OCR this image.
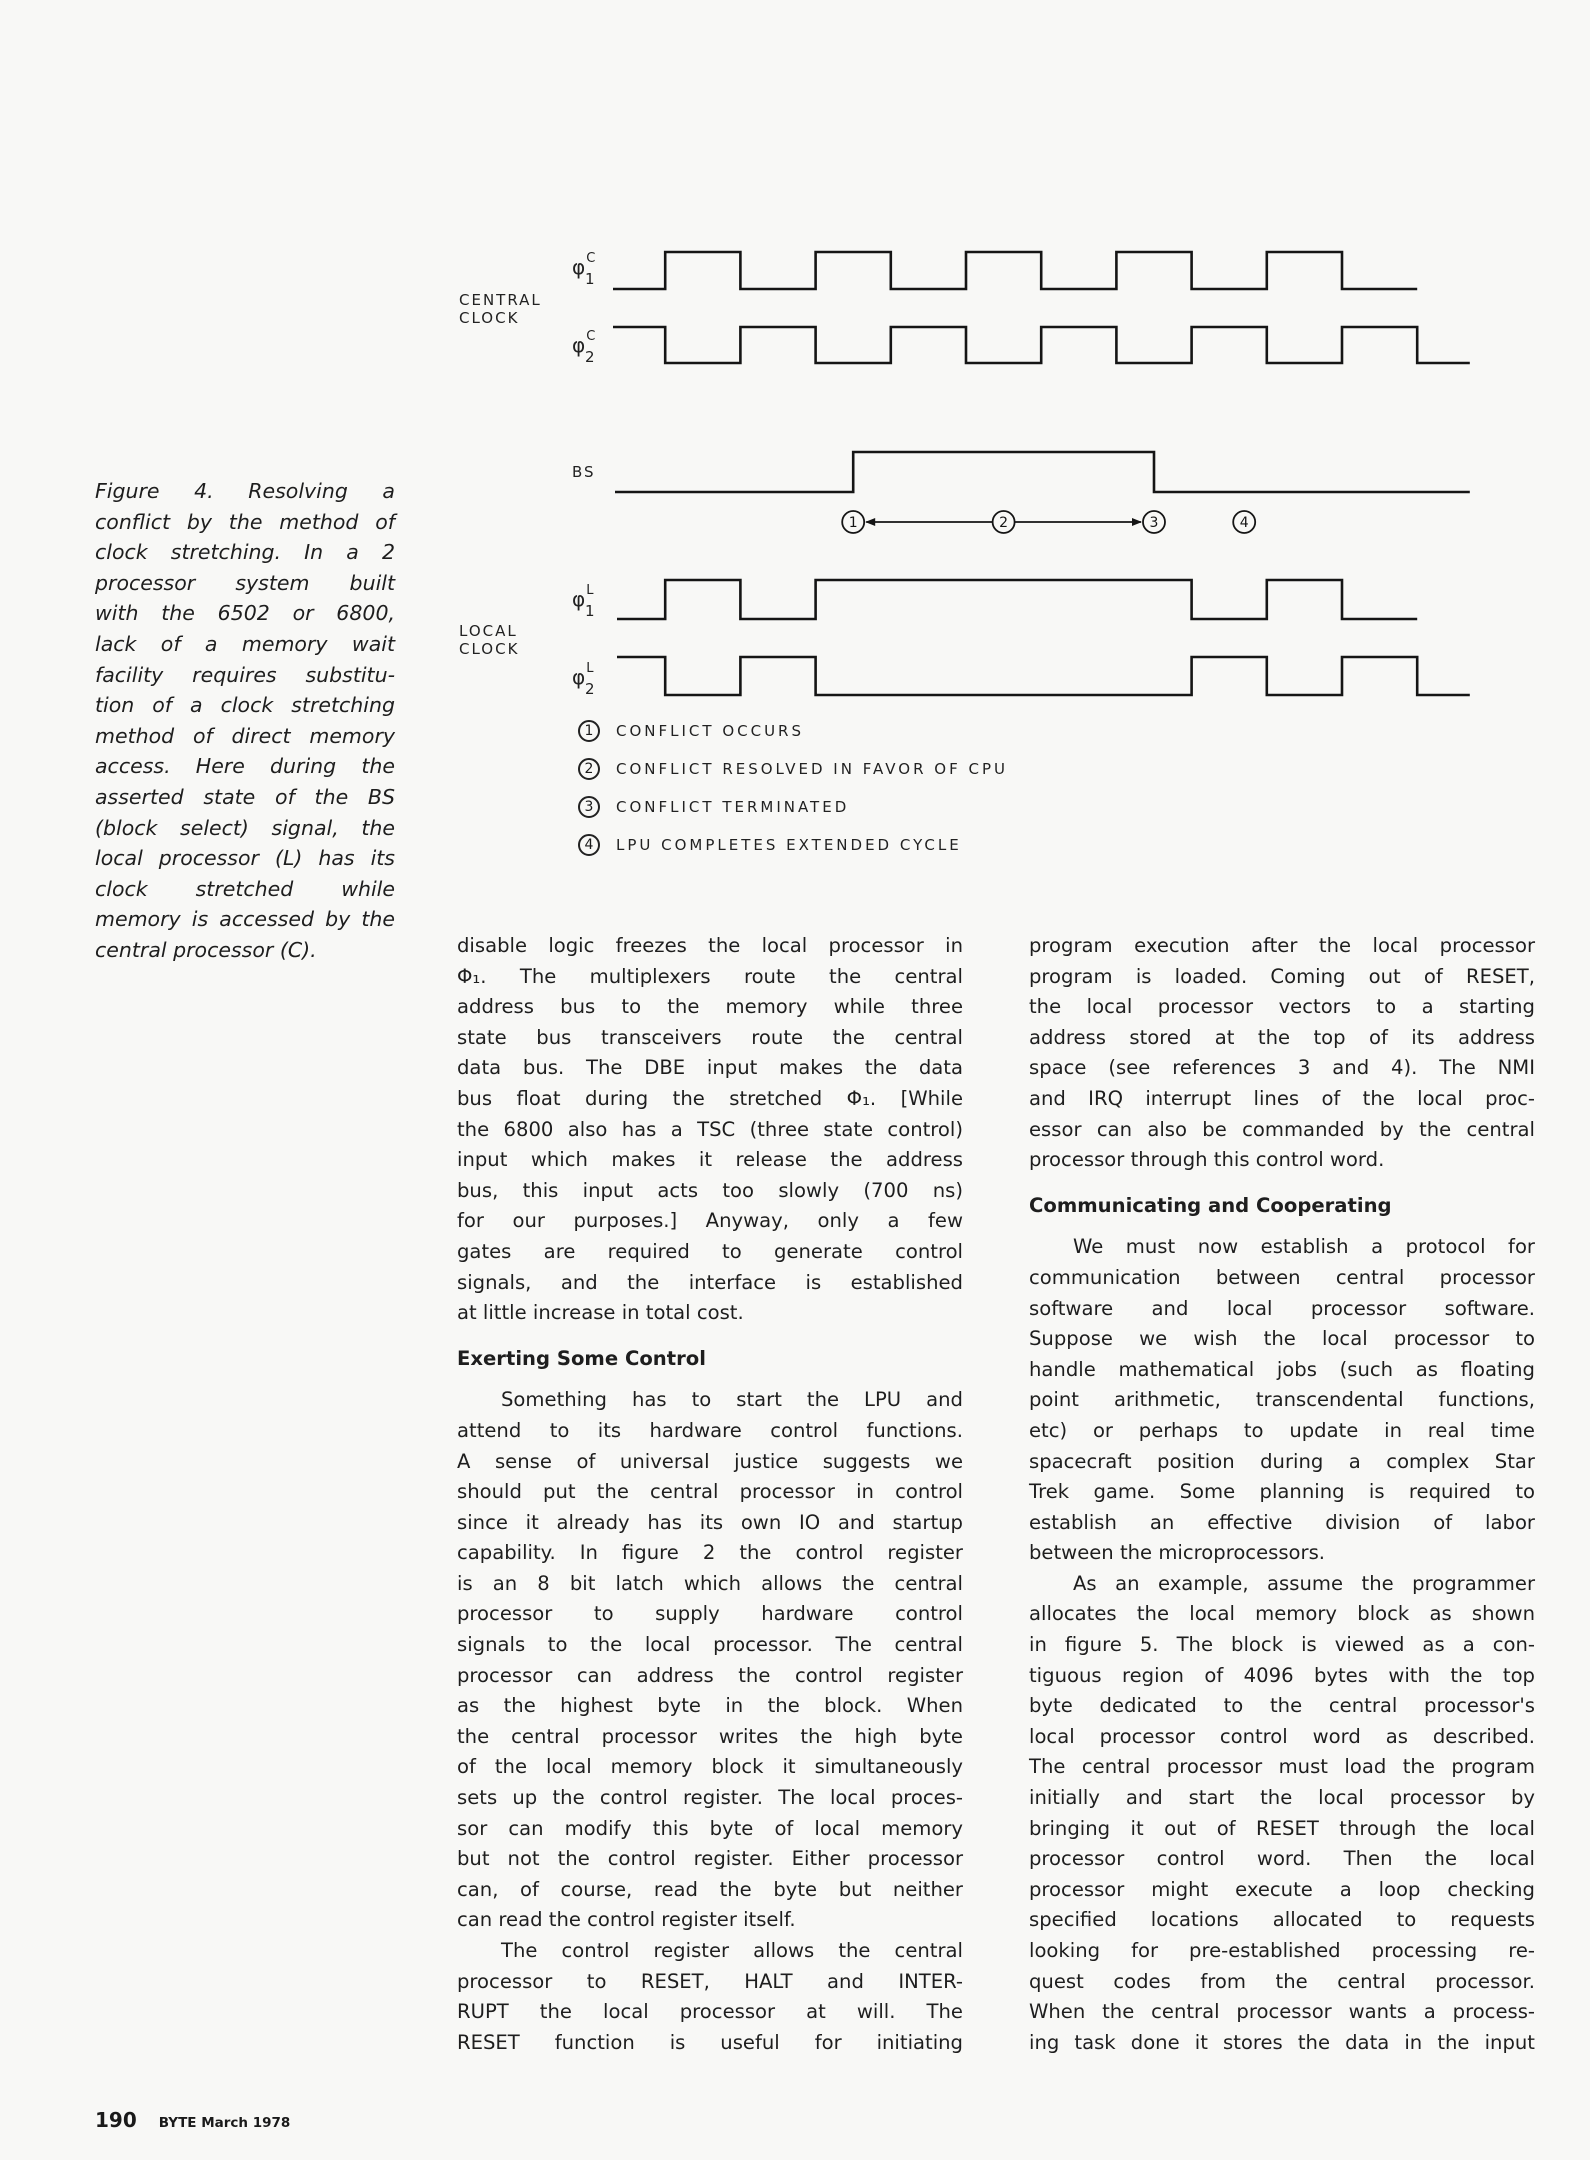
CENTRAL
CLOCK
LOCAL
CLOCK
BS
$\varphi^C$
1
$\varphi^C$
2
$\varphi^L$
1
$\varphi^L$
2
1	2	3	4
1	CONFLICT OCCURS
2	CONFLICT RESOLVED IN FAVOR OF CPU
3	CONFLICT TERMINATED
4	LPU COMPLETES EXTENDED CYCLE
Figure 4. Resolving a
conflict by the method of
clock stretching. In a 2
processor system built
with the 6502 or 6800,
lack of a memory wait
facility requires substitu-
tion of a clock stretching
method of direct memory
access. Here during the
asserted state of the BS
(block select) signal, the
local processor (L) has its
clock stretched while
memory is accessed by the
central processor (C).	disable logic freezes the local processor in
Φ₁. The multiplexers route the central
address bus to the memory while three
state bus transceivers route the central
data bus. The DBE input makes the data
bus float during the stretched Φ₁. [While
the 6800 also has a TSC (three state control)
input which makes it release the address
bus, this input acts too slowly (700 ns)
for our purposes.] Anyway, only a few
gates are required to generate control
signals, and the interface is established
at little increase in total cost.
Exerting Some Control
Something has to start the LPU and
attend to its hardware control functions.
A sense of universal justice suggests we
should put the central processor in control
since it already has its own IO and startup
capability. In figure 2 the control register
is an 8 bit latch which allows the central
processor to supply hardware control
signals to the local processor. The central
processor can address the control register
as the highest byte in the block. When
the central processor writes the high byte
of the local memory block it simultaneously
sets up the control register. The local proces-
sor can modify this byte of local memory
but not the control register. Either processor
can, of course, read the byte but neither
can read the control register itself.
The control register allows the central
processor to RESET, HALT and INTER-
RUPT the local processor at will. The
RESET function is useful for initiating
program execution after the local processor
program is loaded. Coming out of RESET,
the local processor vectors to a starting
address stored at the top of its address
space (see references 3 and 4). The NMI
and IRQ interrupt lines of the local proc-
essor can also be commanded by the central
processor through this control word.
Communicating and Cooperating
We must now establish a protocol for
communication between central processor
software and local processor software.
Suppose we wish the local processor to
handle mathematical jobs (such as floating
point arithmetic, transcendental functions,
etc) or perhaps to update in real time
spacecraft position during a complex Star
Trek game. Some planning is required to
establish an effective division of labor
between the microprocessors.
As an example, assume the programmer
allocates the local memory block as shown
in figure 5. The block is viewed as a con-
tiguous region of 4096 bytes with the top
byte dedicated to the central processor's
local processor control word as described.
The central processor must load the program
initially and start the local processor by
bringing it out of RESET through the local
processor control word. Then the local
processor might execute a loop checking
specified locations allocated to requests
looking for pre-established processing re-
quest codes from the central processor.
When the central processor wants a process-
ing task done it stores the data in the input
190 BYTE March 1978
